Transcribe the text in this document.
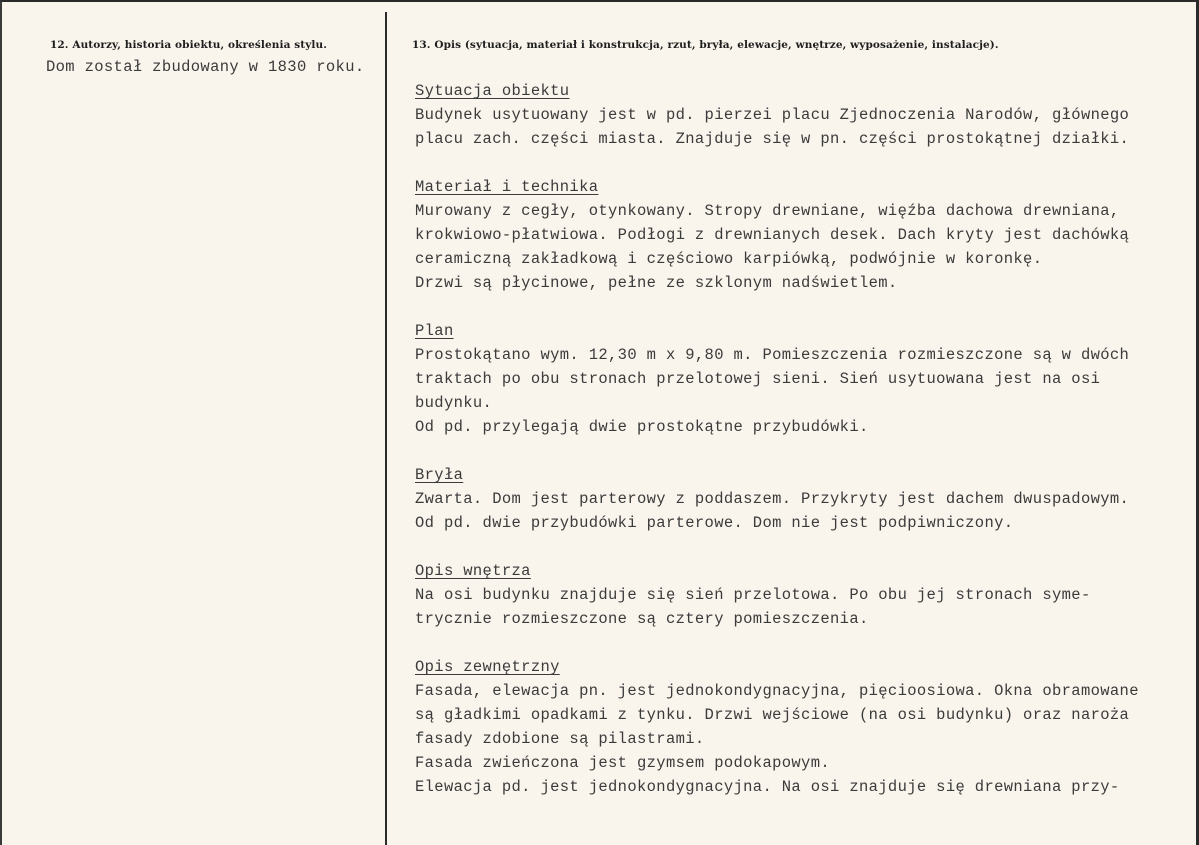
12. Autorzy, historia obiektu, określenia stylu.
Dom został zbudowany w 1830 roku.
13. Opis (sytuacja, materiał i konstrukcja, rzut, bryła, elewacje, wnętrze, wyposażenie, instalacje).
Sytuacja obiektu
Budynek usytuowany jest w pd. pierzei placu Zjednoczenia Narodów, głównego
placu zach. części miasta. Znajduje się w pn. części prostokątnej działki.
Materiał i technika
Murowany z cegły, otynkowany. Stropy drewniane, więźba dachowa drewniana,
krokwiowo-płatwiowa. Podłogi z drewnianych desek. Dach kryty jest dachówką
ceramiczną zakładkową i częściowo karpiówką, podwójnie w koronkę.
Drzwi są płycinowe, pełne ze szklonym nadświetlem.
Plan
Prostokątano wym. 12,30 m x 9,80 m. Pomieszczenia rozmieszczone są w dwóch
traktach po obu stronach przelotowej sieni. Sień usytuowana jest na osi
budynku.
Od pd. przylegają dwie prostokątne przybudówki.
Bryła
Zwarta. Dom jest parterowy z poddaszem. Przykryty jest dachem dwuspadowym.
Od pd. dwie przybudówki parterowe. Dom nie jest podpiwniczony.
Opis wnętrza
Na osi budynku znajduje się sień przelotowa. Po obu jej stronach syme-
trycznie rozmieszczone są cztery pomieszczenia.
Opis zewnętrzny
Fasada, elewacja pn. jest jednokondygnacyjna, pięcioosiowa. Okna obramowane
są gładkimi opadkami z tynku. Drzwi wejściowe (na osi budynku) oraz naroża
fasady zdobione są pilastrami.
Fasada zwieńczona jest gzymsem podokapowym.
Elewacja pd. jest jednokondygnacyjna. Na osi znajduje się drewniana przy-
